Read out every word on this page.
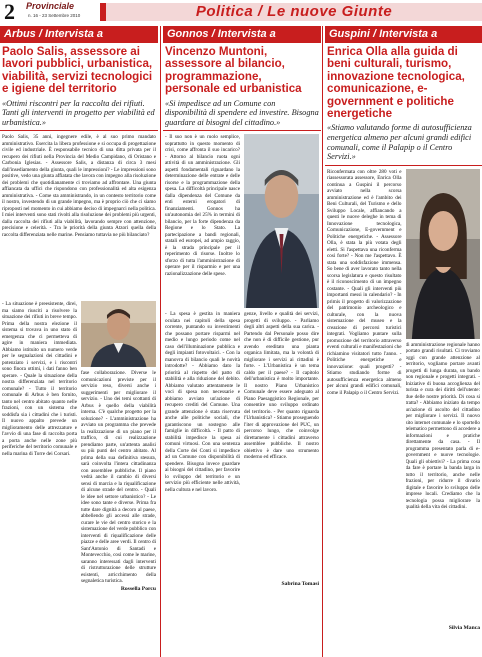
2 Provinciale
n. 16 - 23 Settembre 2010	Politica / Le nuove Giunte
Arbus / Intervista a
Paolo Salis, assessore ai lavori pubblici, urbanistica, viabilità, servizi tecnologici e igiene del territorio
«Ottimi riscontri per la raccolta dei rifiuti. Tanti gli interventi in progetto per viabilità ed urbanistica.»

Paolo Salis, 35 anni, ingegnere edile, è al suo primo mandato amministrativo. Esercita la libera professione e si occupa di progettazione civile ed industriale. È responsabile tecnico di una ditta privata per il recupero dei rifiuti nella Provincia del Medio Campidano, di Oristano e Carbonia Iglesias. - Assessore Salis, a distanza di circa 3 mesi dall'insediamento della giunta, quali le impressioni? - Le impressioni sono positive, vedo una giunta affiatata che lavora con impegno alla risoluzione dei problemi che quotidianamente ci troviamo ad affrontare. Una giunta affiancata da uffici che rispondono con professionalità ed alta esigenza amministrativa. - Come sta amministrando, in un contesto territorio come il nostro, investendo di un grande impegno, ma è proprio ciò che ci siamo riproposti nel momento in cui abbiamo deciso di impegnarci nella politica. I miei interventi sono stati rivolti alla risoluzione dei problemi più urgenti, dalla raccolta dei rifiuti alla viabilità, lavorando sempre con attenzione, precisione e celerità. - Tra le priorità della giunta Atzori quella della raccolta differenziata nelle marine. Pensiamo tuttavia ne più bilanciato?

- La situazione è preesistente, direi, ma siamo riusciti a risolvere la situazione dei rifiuti in breve tempo. Prima della nostra elezione il sistema si trovava in uno stato di emergenza che ci permetteva di agire in maniera immediata. Abbiamo istituito un numero verde per le segnalazioni dei cittadini e potenziato i servizi, e i riscontri sono finora ottimi, i dati fanno ben sperare. - Quale la situazione della nostra differenziata nel territorio comunale? - Tutto il territorio comunale di Arbus è ben fornito, tanto nel centro abitato quanto nelle frazioni, con un sistema che soddisfa sia i cittadini che i turisti. Il nuovo appalto prevede un miglioramento delle attrezzature e l'avvio di una fase di raccolta porta a porta anche nelle zone più periferiche del territorio comunale e nella marina di Torre dei Corsari.

fase collaborazione. Diverse le comunicazioni previste per il servizio reso, diversi anche i suggerimenti per migliorare il servizio. - Uno dei temi scottanti di Arbus è quello della viabilità interna. C'è qualche progetto per la soluzione? - L'amministrazione ha avviato un programma che prevede la realizzazione di un piano per il traffico, di cui realizzazione prendiamo parte, un'attenta analisi su più punti del centro abitato. Al prima della sua definitiva stesura, sarà coinvolta l'intera cittadinanza con assemblee pubbliche. Il piano vedrà anche il cambio di diversi sensi di marcia e la riqualificazione di alcune strade del centro. - Quali le idee nel settore urbanistico? - Le idee sono tante e diverse. Prima fra tutte dare dignità a decoro al paese, abbellendo gli accessi alle strade, curare le vie del centro storico e la sistemazione del verde pubblico con interventi di riqualificazione delle piazze e delle aree verdi. Il centro di Sant'Antonio di Santadi e Montevecchio, così come le marine, saranno interessati dagli interventi di ristrutturazione delle strutture esistenti, arricchimento della segnaletica turistica.

Rossella Porcu
Gonnos / Intervista a
Vincenzo Muntoni, assessore al bilancio, programmazione, personale ed urbanistica
«Si impedisce ad un Comune con disponibilità di spendere ed investire. Bisogna guardare ai bisogni del cittadino.»

- Il suo non è un ruolo semplice, soprattutto in questo momento di crisi, come affronta il suo incarico? - Attorno al bilancio ruota ogni attività di un amministrazione. Gli aspetti fondamentali riguardano la determinazione delle entrate e delle risorse e la programmazione della spesa. La difficoltà principale nasce dalla dipendenza del Comune da enti esterni erogatori di finanziamenti. Gonnos ha un'autonomia del 25% in termini di bilancio, per la forte dipendenza da Regione e lo Stato. La partecipazione a bandi regionali, statali ed europei, ad ampio raggio, è la strada principale per il reperimento di risorse. Inoltre lo sforzo di tutta l'amministrazione di operare per il risparmio e per una razionalizzazione delle spese.

- La spesa è gestita in maniera oculata nei capitoli della spesa corrente, puntando su investimenti che possano portare risparmi nel medio e lungo periodo come nel caso dell'illuminazione pubblica e degli impianti fotovoltaici. - Con la manovra di bilancio quali le novità introdotte? - Abbiamo dato la priorità al rispetto del patto di stabilità e alla riduzione del debito. Abbiamo valutato attentamente le voci di spesa non necessarie e abbiamo avviato un'azione di recupero crediti del Comune. Una grande attenzione è stata riservata anche alle politiche sociali, che garantiscono un sostegno alle famiglie in difficoltà. - Il patto di stabilità impedisce la spesa ai comuni virtuosi. Con una sentenza della Corte dei Conti si impedisce ad un Comune con disponibilità di spendere. Bisogna invece guardare ai bisogni del cittadino, per favorire lo sviluppo del territorio e un servizio più efficiente nelle attività, nella cultura e nel lavoro.

genze, livello e qualità dei servizi, progetti di sviluppo. - Parliamo degli altri aspetti della sua carica. - Partendo dal Personale posso dire che non è di difficile gestione, pur avendo ereditato una pianta organica limitata, ma la volontà di migliorare i servizi ai cittadini è forte. - L'Urbanistica è un tema caldo per il paese? - Il capitolo dell'urbanistica è molto importante. Il nostro Piano Urbanistico Comunale deve essere adeguato al Piano Paesaggistico Regionale, per consentire uno sviluppo ordinato del territorio. - Per quanto riguarda l'Urbanistica? - Stiamo proseguendo l'iter di approvazione del PUC, un percorso lungo, che coinvolge direttamente i cittadini attraverso assemblee pubbliche. Il nostro obiettivo è dare uno strumento moderno ed efficace.

Sabrina Tomasi
Guspini / Intervista a
Enrica Olla alla guida di beni culturali, turismo, innovazione tecnologica, comunicazione, e-government e politiche energetiche
«Stiamo valutando forme di autosufficienza energetica almeno per alcuni grandi edifici comunali, come il Palapip o il Centro Servizi.»

Riconfermata con oltre 280 voti e riassessorata assessore, Enrica Olla continua a Guspini il percorso avviato nella scorsa amministrazione ed è l'ambito dei Beni Culturali, del Turismo e dello Sviluppo Locale, affiancando a questi le nuove deleghe in tema di Innovazione tecnologica, Comunicazione, E-government e Politiche energetiche. - Assessore Olla, è stata la più votata degli eletti. Si l'aspettava una riconferma così forte? - Non me l'aspettavo. È stata una soddisfazione immensa. So bene di aver lavorato tanto nella scorsa legislatura e questo risultato è il riconoscimento di un impegno costante. - Quali gli interventi più importanti messi in calendario? - In primis il progetto di valorizzazione del patrimonio archeologico e culturale, con la nuova sistemazione del museo e la creazione di percorsi turistici integrati. Vogliamo puntare sulla promozione del territorio attraverso eventi culturali e manifestazioni che richiamino visitatori tutto l'anno. - Politiche energetiche e innovazione: quali progetti? - Stiamo studiando forme di autosufficienza energetica almeno per alcuni grandi edifici comunali, come il Palapip o il Centro Servizi.

di amministrazione regionale hanno portato grandi risultati. Ci troviamo oggi con grande attenzione al territorio, vogliamo portare avanti progetti di lunga durata, un bando non regionale e progetti integrati. - Iniziative di buona accoglienza del turista e cura dei diritti dell'utente: due delle nostre priorità. Di cosa si tratta? - Abbiamo iniziato da tempo un'azione di ascolto del cittadino per migliorare i servizi. Il nuovo sito internet comunale e lo sportello telematico permettono di accedere a informazioni e pratiche direttamente da casa. - Il programma presentato parla di e-government e nuove tecnologie. Quali gli obiettivi? - La prima cosa da fare è portare la banda larga in tutto il territorio, anche nelle frazioni, per ridurre il divario digitale e favorire lo sviluppo delle imprese locali. Crediamo che la tecnologia possa migliorare la qualità della vita dei cittadini.

Silvia Manca
